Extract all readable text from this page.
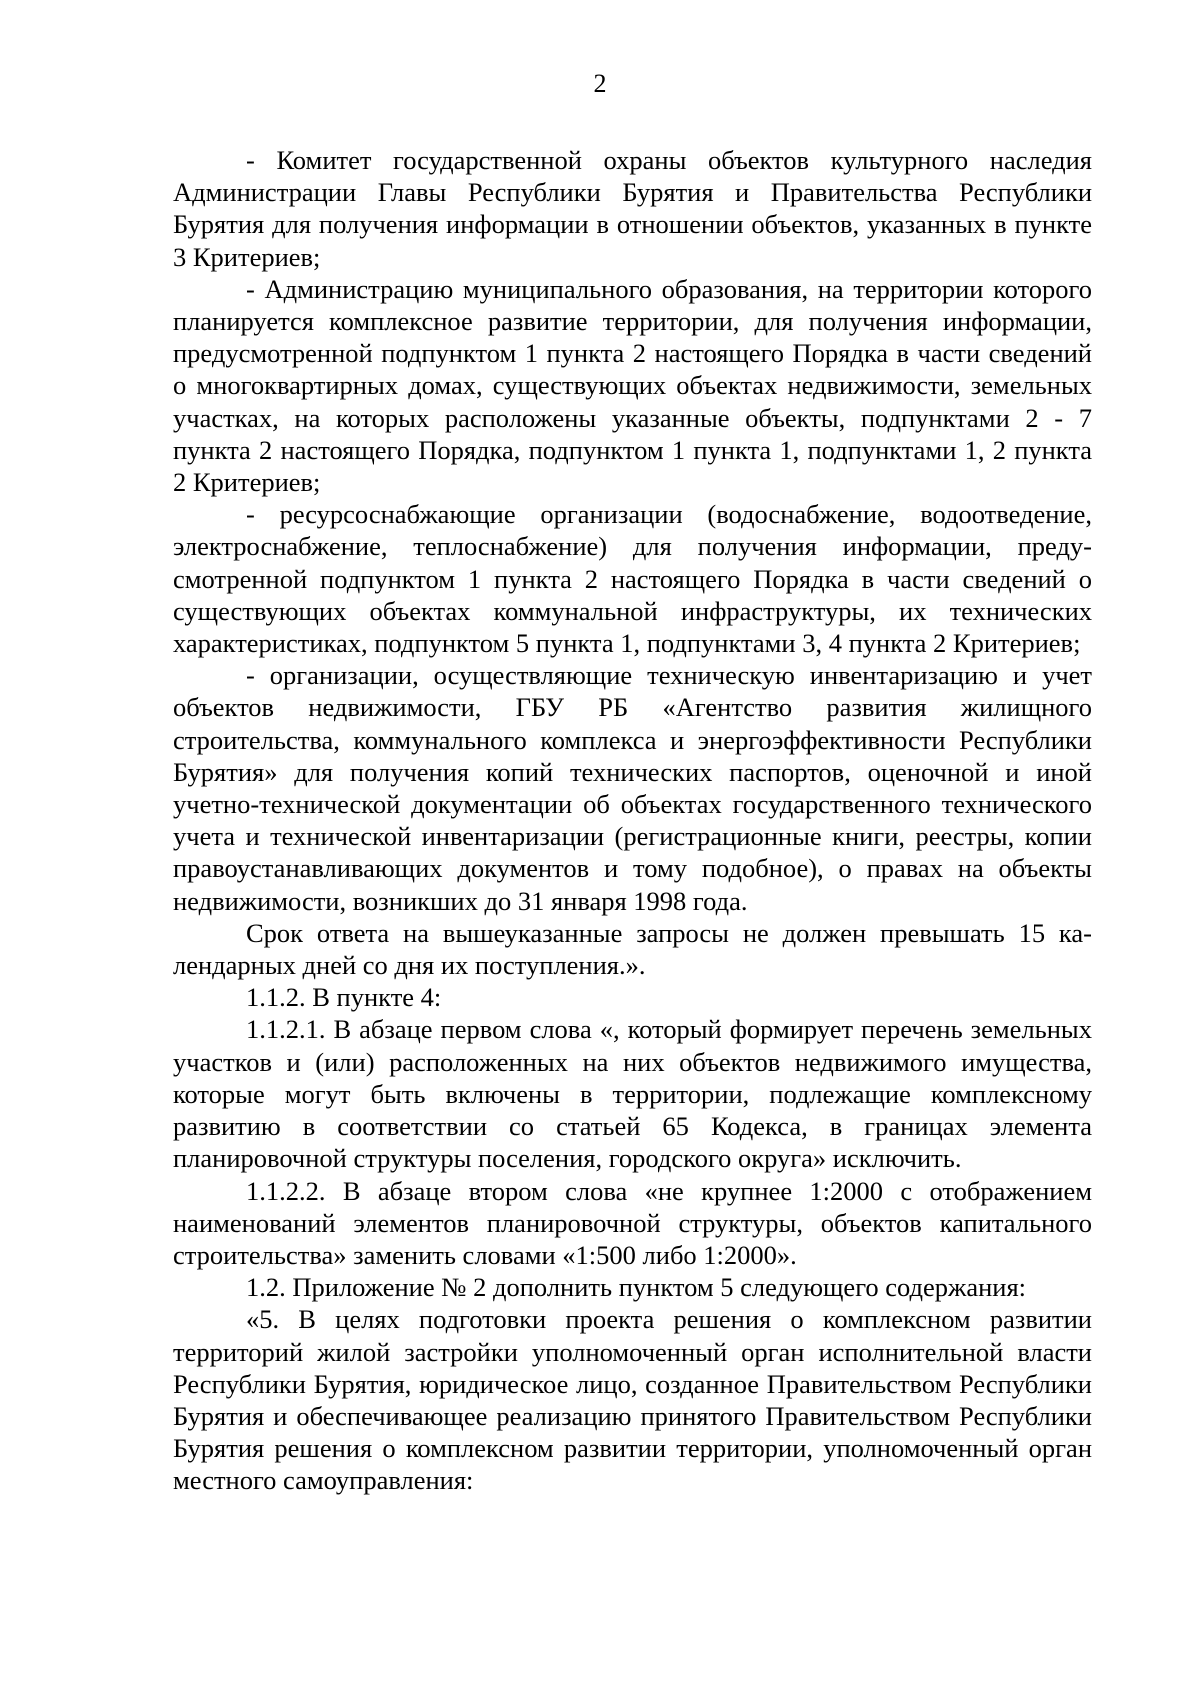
2

- Комитет государственной охраны объектов культурного наследия Администрации Главы Республики Бурятия и Правительства Республики Бурятия для получения информации в отношении объектов, указанных в пункте 3 Критериев;

- Администрацию муниципального образования, на территории которого планируется комплексное развитие территории, для получения информации, предусмотренной подпунктом 1 пункта 2 настоящего Порядка в части сведений о многоквартирных домах, существующих объектах недвижимости, земельных участках, на которых расположены указанные объекты, подпунктами 2 - 7 пункта 2 настоящего Порядка, подпунктом 1 пункта 1, подпунктами 1, 2 пункта 2 Критериев;

- ресурсоснабжающие организации (водоснабжение, водоотведение, электроснабжение, теплоснабжение) для получения информации, предусмотренной подпунктом 1 пункта 2 настоящего Порядка в части сведений о существующих объектах коммунальной инфраструктуры, их технических характеристиках, подпунктом 5 пункта 1, подпунктами 3, 4 пункта 2 Критериев;

- организации, осуществляющие техническую инвентаризацию и учет объектов недвижимости, ГБУ РБ «Агентство развития жилищного строительства, коммунального комплекса и энергоэффективности Республики Бурятия» для получения копий технических паспортов, оценочной и иной учетно-технической документации об объектах государственного технического учета и технической инвентаризации (регистрационные книги, реестры, копии правоустанавливающих документов и тому подобное), о правах на объекты недвижимости, возникших до 31 января 1998 года.

Срок ответа на вышеуказанные запросы не должен превышать 15 календарных дней со дня их поступления.».

1.1.2. В пункте 4:

1.1.2.1. В абзаце первом слова «, который формирует перечень земельных участков и (или) расположенных на них объектов недвижимого имущества, которые могут быть включены в территории, подлежащие комплексному развитию в соответствии со статьей 65 Кодекса, в границах элемента планировочной структуры поселения, городского округа» исключить.

1.1.2.2. В абзаце втором слова «не крупнее 1:2000 с отображением наименований элементов планировочной структуры, объектов капитального строительства» заменить словами «1:500 либо 1:2000».

1.2. Приложение № 2 дополнить пунктом 5 следующего содержания:

«5. В целях подготовки проекта решения о комплексном развитии территорий жилой застройки уполномоченный орган исполнительной власти Республики Бурятия, юридическое лицо, созданное Правительством Республики Бурятия и обеспечивающее реализацию принятого Правительством Республики Бурятия решения о комплексном развитии территории, уполномоченный орган местного самоуправления:
